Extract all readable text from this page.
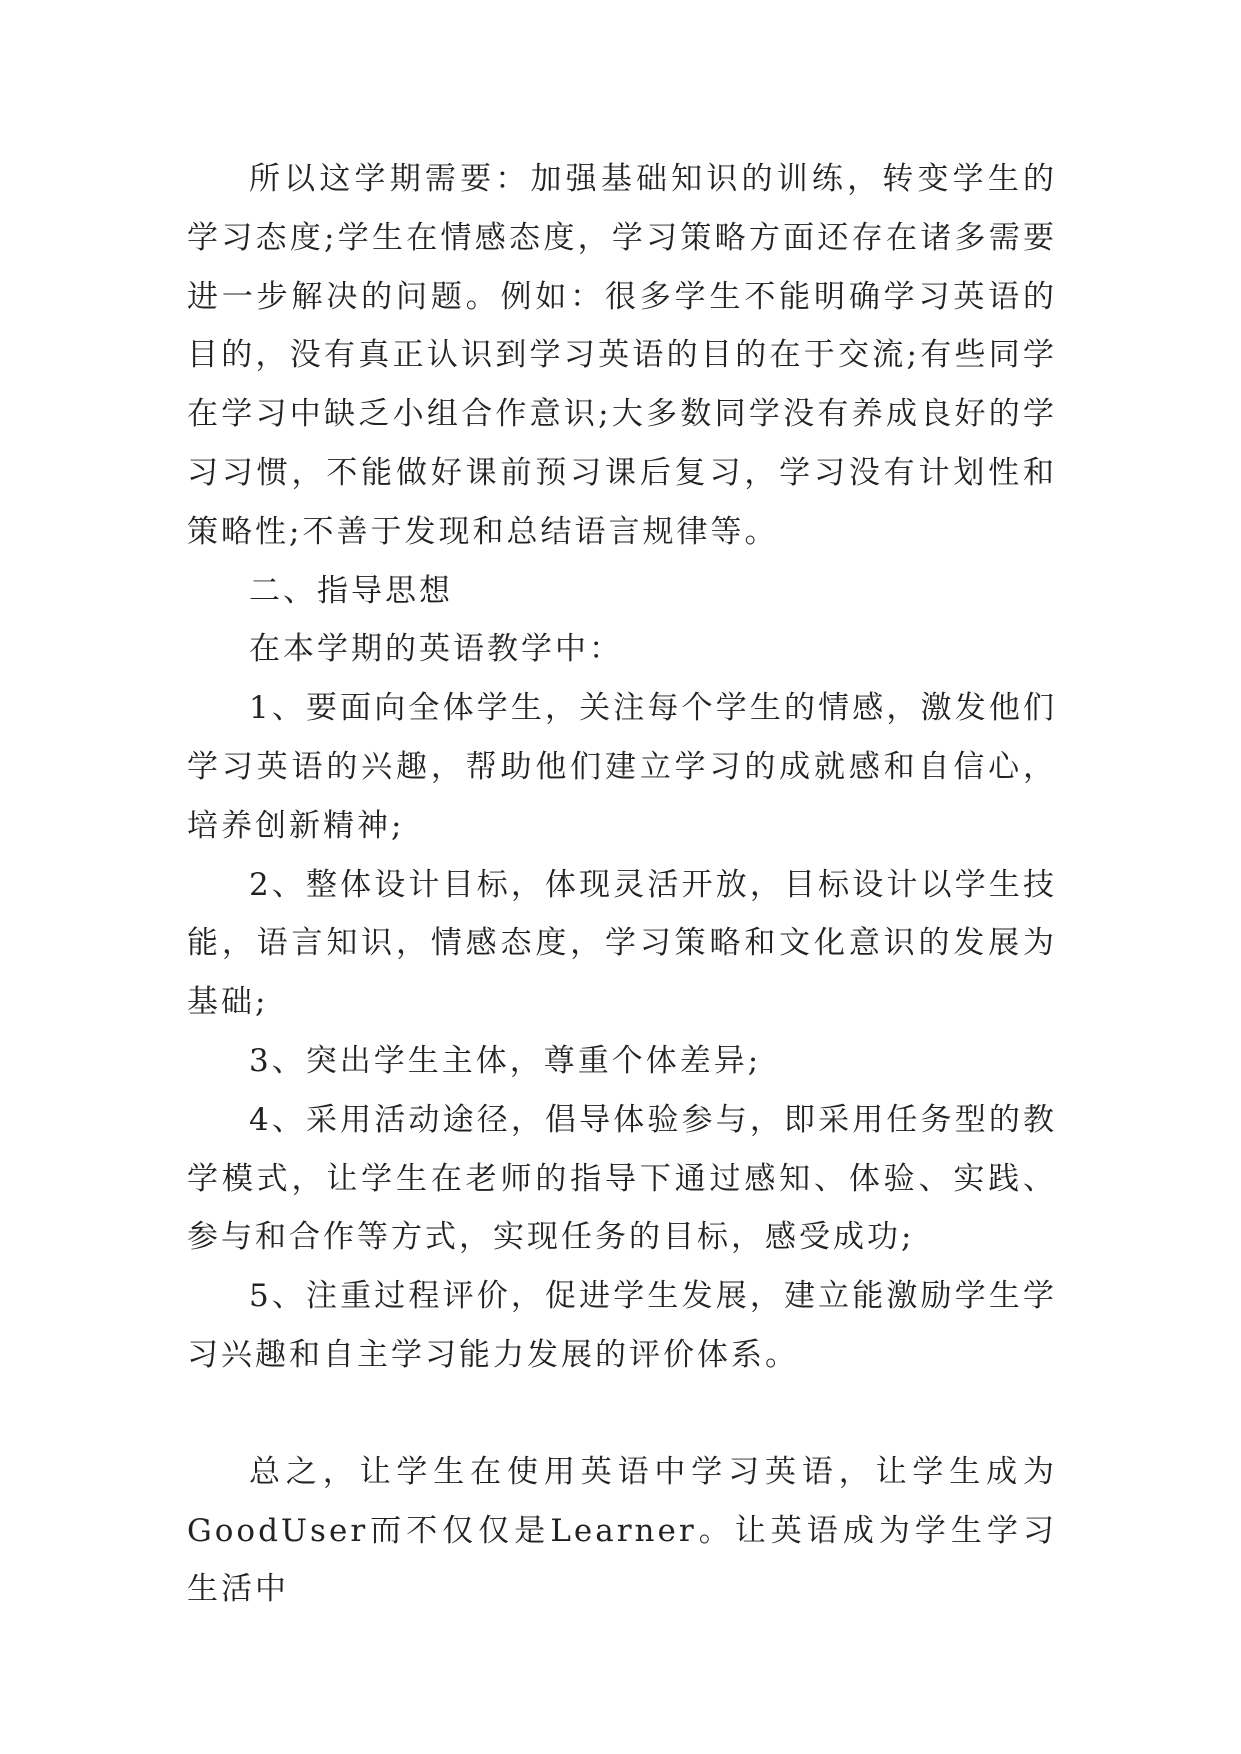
所以这学期需要：加强基础知识的训练，转变学生的学习态度;学生在情感态度，学习策略方面还存在诸多需要进一步解决的问题。例如：很多学生不能明确学习英语的目的，没有真正认识到学习英语的目的在于交流;有些同学在学习中缺乏小组合作意识;大多数同学没有养成良好的学习习惯，不能做好课前预习课后复习，学习没有计划性和策略性;不善于发现和总结语言规律等。

二、指导思想

在本学期的英语教学中：

1、要面向全体学生，关注每个学生的情感，激发他们学习英语的兴趣，帮助他们建立学习的成就感和自信心，培养创新精神;

2、整体设计目标，体现灵活开放，目标设计以学生技能，语言知识，情感态度，学习策略和文化意识的发展为基础;

3、突出学生主体，尊重个体差异;

4、采用活动途径，倡导体验参与，即采用任务型的教学模式，让学生在老师的指导下通过感知、体验、实践、参与和合作等方式，实现任务的目标，感受成功;

5、注重过程评价，促进学生发展，建立能激励学生学习兴趣和自主学习能力发展的评价体系。

总之，让学生在使用英语中学习英语，让学生成为GoodUser而不仅仅是Learner。让英语成为学生学习生活中
